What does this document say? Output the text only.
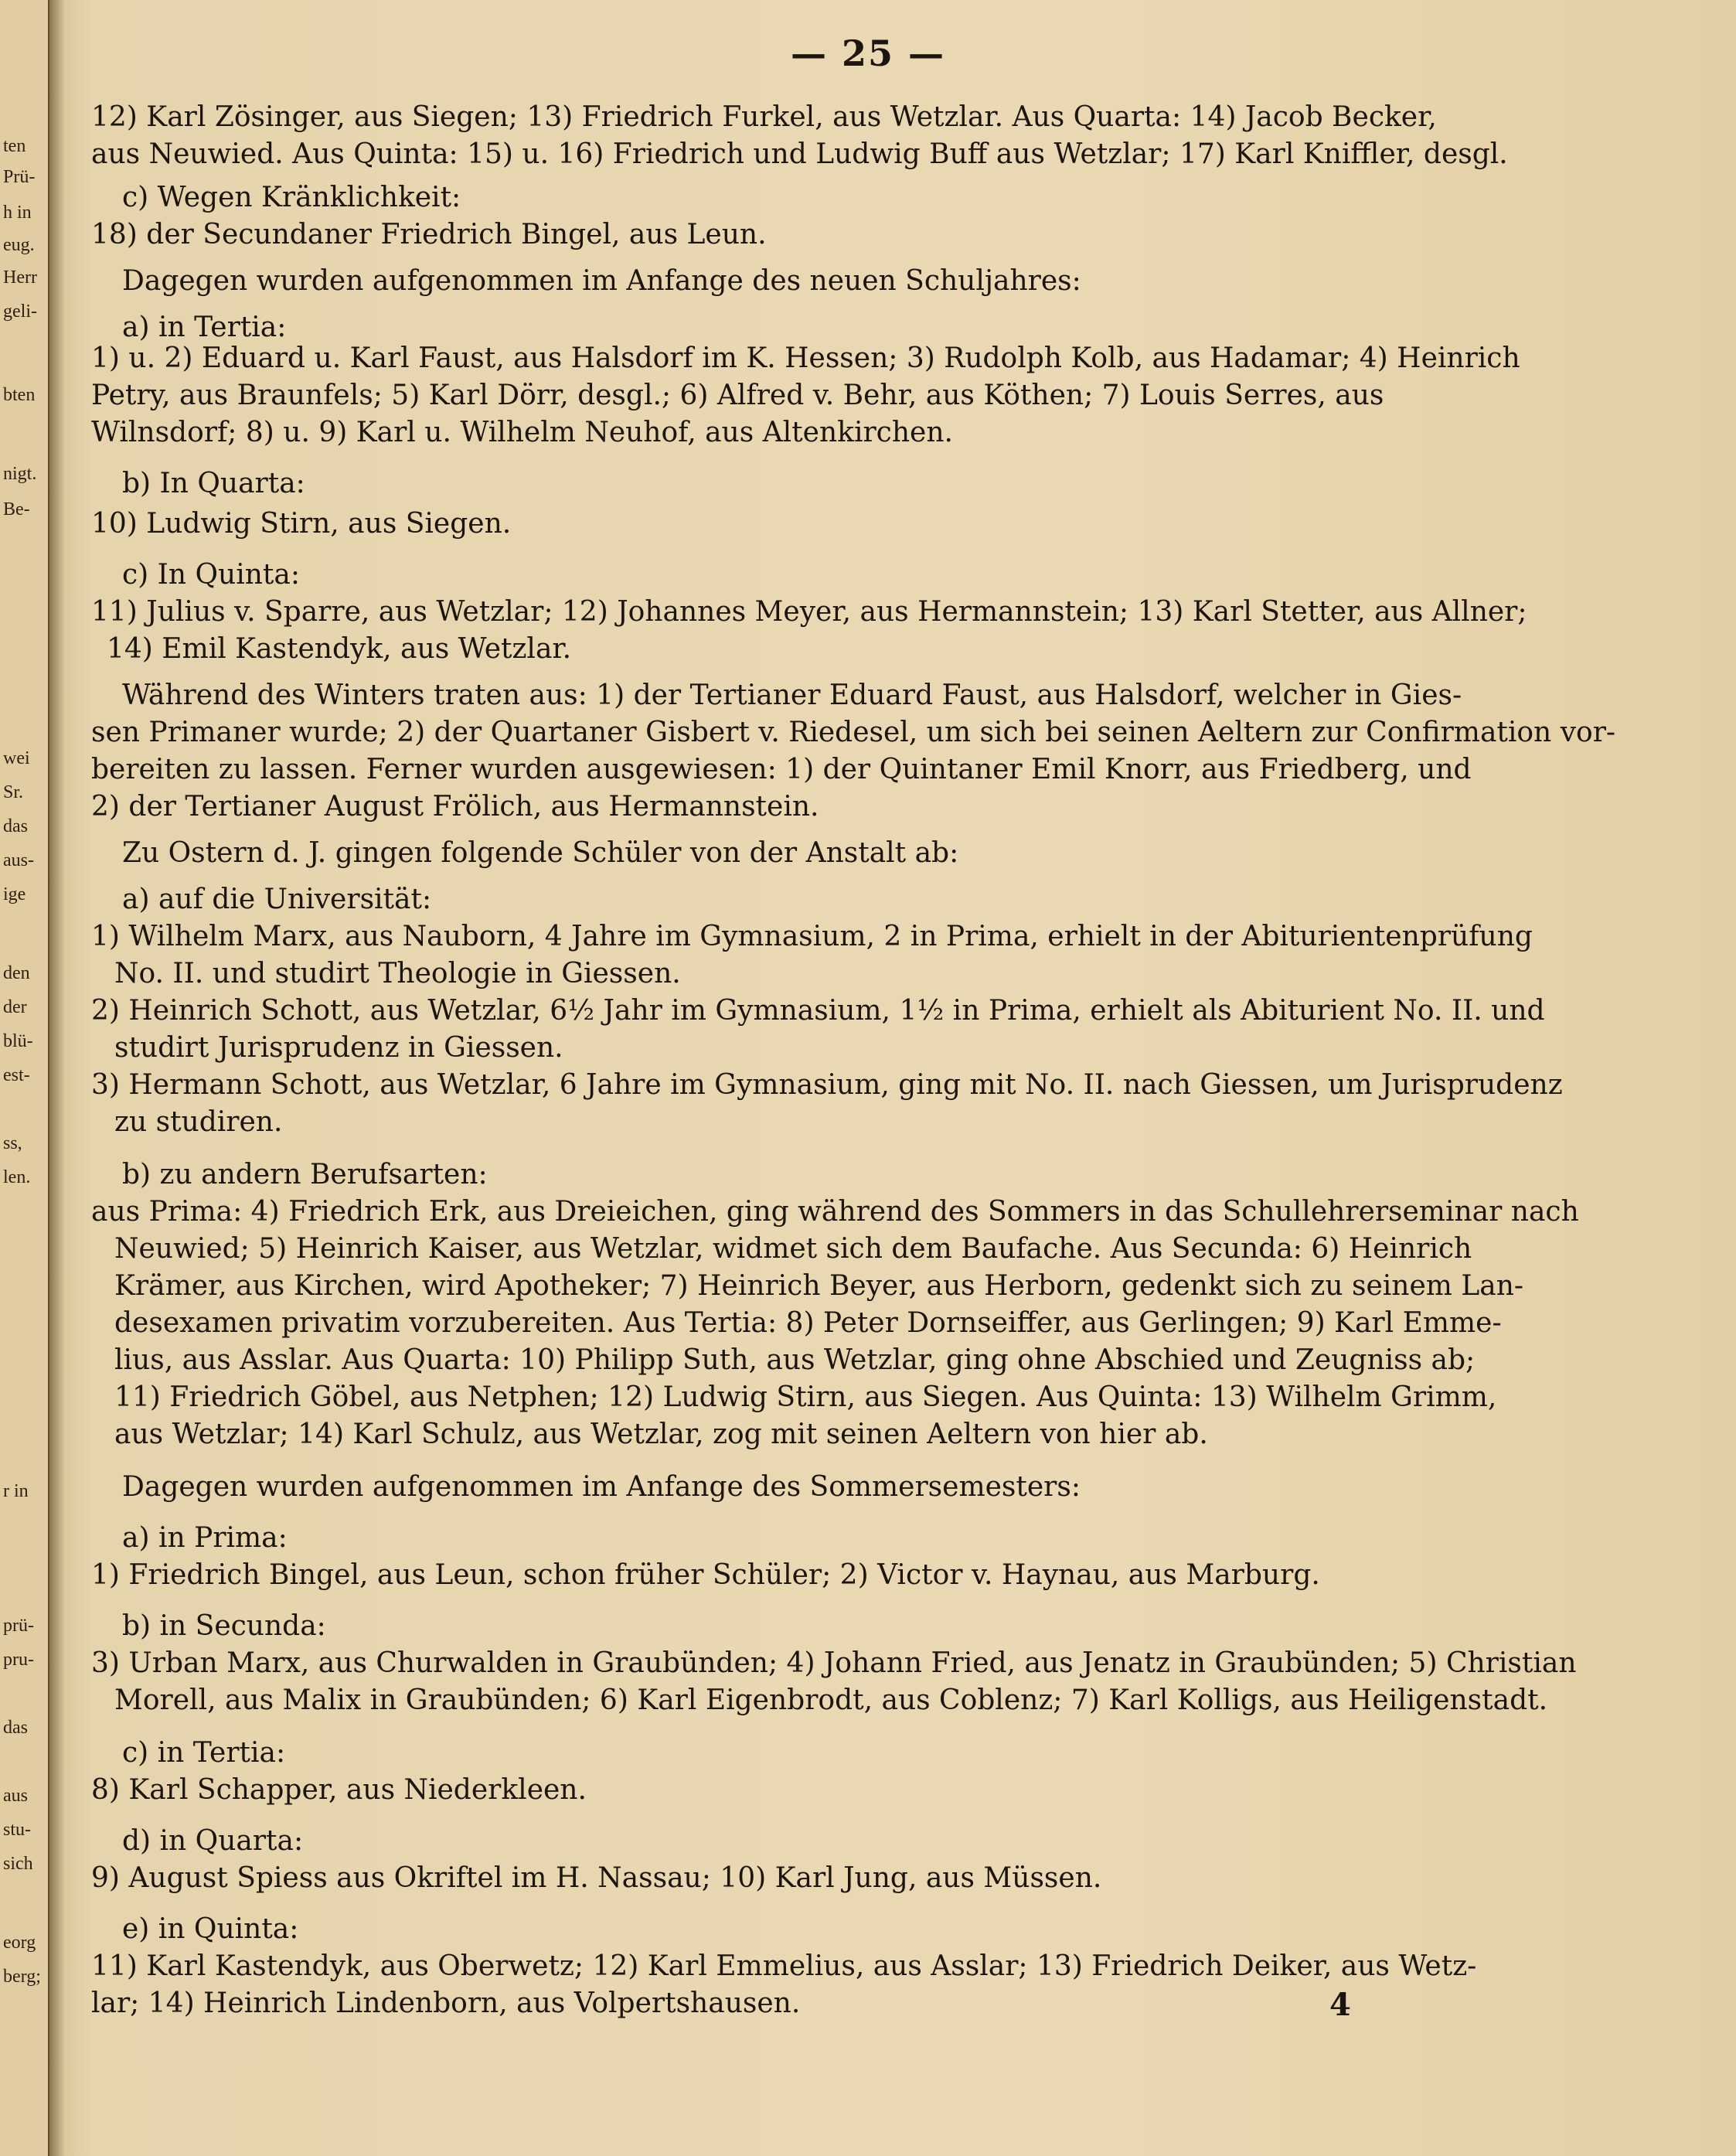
— 25 —
ten
Prü-
h in
eug.
Herr
geli-
bten
nigt.
Be-
wei
Sr.
das
aus-
ige
den
der
blü-
est-
ss,
len.
r in
prü-
pru-
das
aus
stu-
sich
eorg
berg;
12) Karl Zösinger, aus Siegen; 13) Friedrich Furkel, aus Wetzlar. Aus Quarta: 14) Jacob Becker,
aus Neuwied. Aus Quinta: 15) u. 16) Friedrich und Ludwig Buff aus Wetzlar; 17) Karl Kniffler, desgl.
c) Wegen Kränklichkeit:
18) der Secundaner Friedrich Bingel, aus Leun.
Dagegen wurden aufgenommen im Anfange des neuen Schuljahres:
a) in Tertia:
1) u. 2) Eduard u. Karl Faust, aus Halsdorf im K. Hessen; 3) Rudolph Kolb, aus Hadamar; 4) Heinrich
Petry, aus Braunfels; 5) Karl Dörr, desgl.; 6) Alfred v. Behr, aus Köthen; 7) Louis Serres, aus
Wilnsdorf; 8) u. 9) Karl u. Wilhelm Neuhof, aus Altenkirchen.
b) In Quarta:
10) Ludwig Stirn, aus Siegen.
c) In Quinta:
11) Julius v. Sparre, aus Wetzlar; 12) Johannes Meyer, aus Hermannstein; 13) Karl Stetter, aus Allner;
14) Emil Kastendyk, aus Wetzlar.
Während des Winters traten aus: 1) der Tertianer Eduard Faust, aus Halsdorf, welcher in Gies-
sen Primaner wurde; 2) der Quartaner Gisbert v. Riedesel, um sich bei seinen Aeltern zur Confirmation vor-
bereiten zu lassen. Ferner wurden ausgewiesen: 1) der Quintaner Emil Knorr, aus Friedberg, und
2) der Tertianer August Frölich, aus Hermannstein.
Zu Ostern d. J. gingen folgende Schüler von der Anstalt ab:
a) auf die Universität:
1) Wilhelm Marx, aus Nauborn, 4 Jahre im Gymnasium, 2 in Prima, erhielt in der Abiturientenprüfung
No. II. und studirt Theologie in Giessen.
2) Heinrich Schott, aus Wetzlar, 6½ Jahr im Gymnasium, 1½ in Prima, erhielt als Abiturient No. II. und
studirt Jurisprudenz in Giessen.
3) Hermann Schott, aus Wetzlar, 6 Jahre im Gymnasium, ging mit No. II. nach Giessen, um Jurisprudenz
zu studiren.
b) zu andern Berufsarten:
aus Prima: 4) Friedrich Erk, aus Dreieichen, ging während des Sommers in das Schullehrerseminar nach
Neuwied; 5) Heinrich Kaiser, aus Wetzlar, widmet sich dem Baufache. Aus Secunda: 6) Heinrich
Krämer, aus Kirchen, wird Apotheker; 7) Heinrich Beyer, aus Herborn, gedenkt sich zu seinem Lan-
desexamen privatim vorzubereiten. Aus Tertia: 8) Peter Dornseiffer, aus Gerlingen; 9) Karl Emme-
lius, aus Asslar. Aus Quarta: 10) Philipp Suth, aus Wetzlar, ging ohne Abschied und Zeugniss ab;
11) Friedrich Göbel, aus Netphen; 12) Ludwig Stirn, aus Siegen. Aus Quinta: 13) Wilhelm Grimm,
aus Wetzlar; 14) Karl Schulz, aus Wetzlar, zog mit seinen Aeltern von hier ab.
Dagegen wurden aufgenommen im Anfange des Sommersemesters:
a) in Prima:
1) Friedrich Bingel, aus Leun, schon früher Schüler; 2) Victor v. Haynau, aus Marburg.
b) in Secunda:
3) Urban Marx, aus Churwalden in Graubünden; 4) Johann Fried, aus Jenatz in Graubünden; 5) Christian
Morell, aus Malix in Graubünden; 6) Karl Eigenbrodt, aus Coblenz; 7) Karl Kolligs, aus Heiligenstadt.
c) in Tertia:
8) Karl Schapper, aus Niederkleen.
d) in Quarta:
9) August Spiess aus Okriftel im H. Nassau; 10) Karl Jung, aus Müssen.
e) in Quinta:
11) Karl Kastendyk, aus Oberwetz; 12) Karl Emmelius, aus Asslar; 13) Friedrich Deiker, aus Wetz-
lar; 14) Heinrich Lindenborn, aus Volpertshausen.	4
